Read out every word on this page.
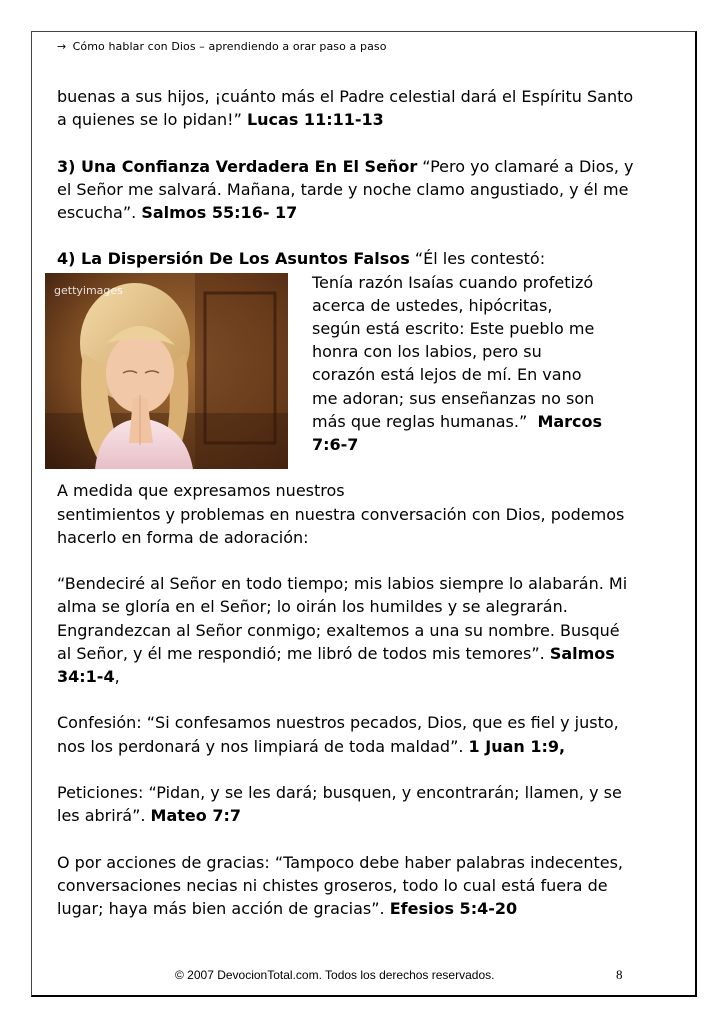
→ Cómo hablar con Dios – aprendiendo a orar paso a paso

buenas a sus hijos, ¡cuánto más el Padre celestial dará el Espíritu Santo a quienes se lo pidan!” Lucas 11:11-13

3) Una Confianza Verdadera En El Señor “Pero yo clamaré a Dios, y el Señor me salvará. Mañana, tarde y noche clamo angustiado, y él me escucha”. Salmos 55:16- 17

4) La Dispersión De Los Asuntos Falsos “Él les contestó:
gettyimages	Tenía razón Isaías cuando profetizó
acerca de ustedes, hipócritas,
según está escrito: Este pueblo me
honra con los labios, pero su
corazón está lejos de mí. En vano
me adoran; sus enseñanzas no son
más que reglas humanas.” Marcos
7:6-7
A medida que expresamos nuestros

sentimientos y problemas en nuestra conversación con Dios, podemos hacerlo en forma de adoración:

“Bendeciré al Señor en todo tiempo; mis labios siempre lo alabarán. Mi alma se gloría en el Señor; lo oirán los humildes y se alegrarán. Engrandezcan al Señor conmigo; exaltemos a una su nombre. Busqué al Señor, y él me respondió; me libró de todos mis temores”. Salmos 34:1-4,

Confesión: “Si confesamos nuestros pecados, Dios, que es fiel y justo, nos los perdonará y nos limpiará de toda maldad”. 1 Juan 1:9,

Peticiones: “Pidan, y se les dará; busquen, y encontrarán; llamen, y se les abrirá”. Mateo 7:7

O por acciones de gracias: “Tampoco debe haber palabras indecentes, conversaciones necias ni chistes groseros, todo lo cual está fuera de lugar; haya más bien acción de gracias”. Efesios 5:4-20

© 2007 DevocionTotal.com. Todos los derechos reservados.	8
